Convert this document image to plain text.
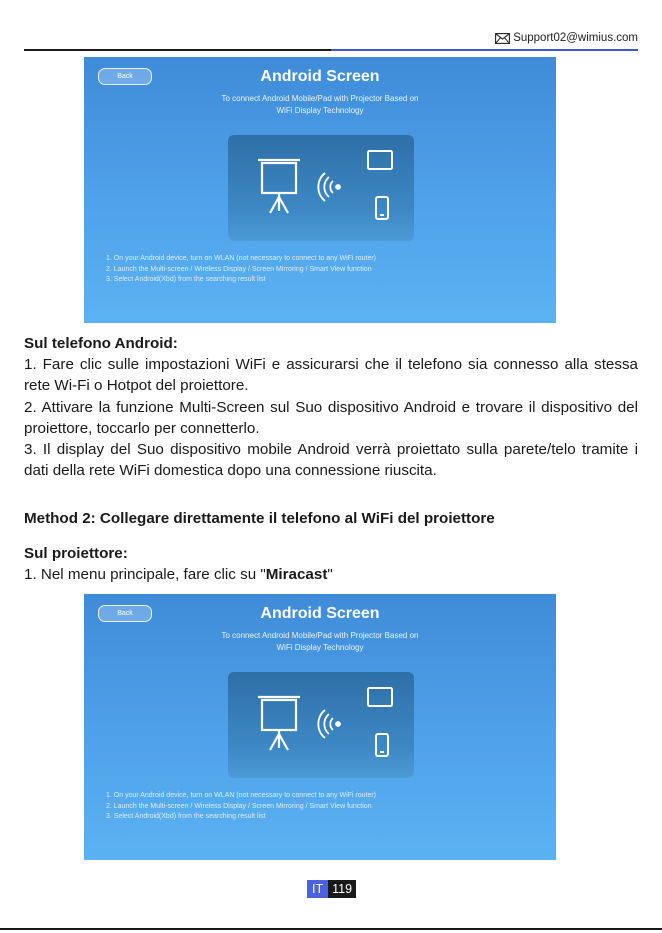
Support02@wimius.com
Back	Android Screen
To connect Android Mobile/Pad with Projector Based on
WiFi Display Technology
1. On your Android device, turn on WLAN (not necessary to connect to any WiFi router)
2. Launch the Multi-screen / Wireless Display / Screen Mirroring / Smart View function
3. Select Android(Xbd) from the searching result list
Sul telefono Android:
1. Fare clic sulle impostazioni WiFi e assicurarsi che il telefono sia connesso alla stessa rete Wi-Fi o Hotpot del proiettore.
2. Attivare la funzione Multi-Screen sul Suo dispositivo Android e trovare il dispositivo del proiettore, toccarlo per connetterlo.
3. Il display del Suo dispositivo mobile Android verrà proiettato sulla parete/telo tramite i dati della rete WiFi domestica dopo una connessione riuscita.
Method 2: Collegare direttamente il telefono al WiFi del proiettore
Sul proiettore:
1. Nel menu principale, fare clic su "Miracast"
Back	Android Screen
To connect Android Mobile/Pad with Projector Based on
WiFi Display Technology
1. On your Android device, turn on WLAN (not necessary to connect to any WiFi router)
2. Launch the Multi-screen / Wireless Display / Screen Mirroring / Smart View function
3. Select Android(Xbd) from the searching result list
IT 119
